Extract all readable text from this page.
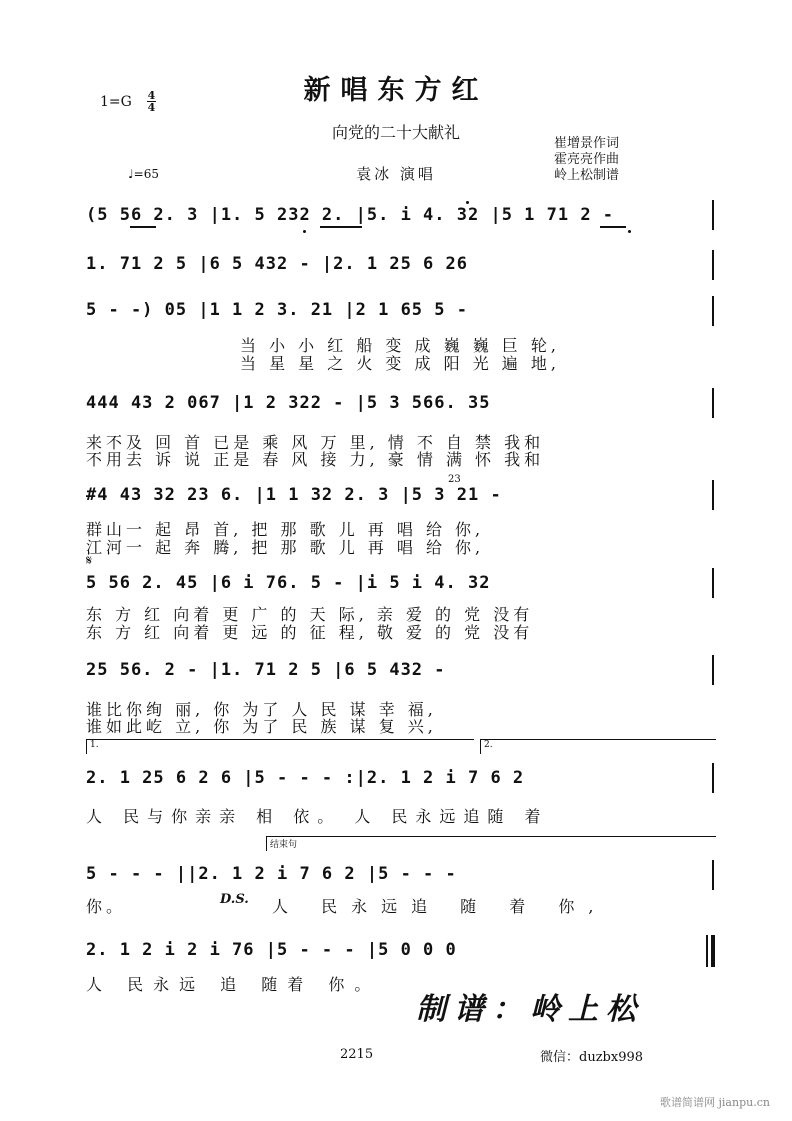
新唱东方红
向党的二十大献礼
袁冰 演唱
1=G 4
4
♩=65
崔增景作词
霍亮亮作曲
岭上松制谱
(5 56 2. 3 |1. 5 232 2. |5. i 4. 32 |5 1 71 2 -
1. 71 2 5 |6 5 432 - |2. 1 25 6 26
5 - -) 05 |1 1 2 3. 21 |2 1 65 5 -
当 小 小 红 船 变 成 巍 巍 巨 轮,
当 星 星 之 火 变 成 阳 光 遍 地,
444 43 2 067 |1 2 322 - |5 3 566. 35
来不及 回 首 已是 乘 风 万 里, 情 不 自 禁 我和
不用去 诉 说 正是 春 风 接 力, 豪 情 满 怀 我和
23
#4 43 32 23 6. |1 1 32 2. 3 |5 3 21 -
群山一 起 昂 首, 把 那 歌 儿 再 唱 给 你,
江河一 起 奔 腾, 把 那 歌 儿 再 唱 给 你,
𝄋
5 56 2. 45 |6 i 76. 5 - |i 5 i 4. 32
东 方 红 向着 更 广 的 天 际, 亲 爱 的 党 没有
东 方 红 向着 更 远 的 征 程, 敬 爱 的 党 没有
25 56. 2 - |1. 71 2 5 |6 5 432 -
谁比你绚 丽, 你 为了 人 民 谋 幸 福,
谁如此屹 立, 你 为了 民 族 谋 复 兴,
1.	2.
2. 1 25 6 2 6 |5 - - - :|2. 1 2 i 7 6 2
人 民与你亲亲 相 依。 人 民永远追随 着
结束句
5 - - - ||2. 1 2 i 7 6 2 |5 - - -
你。	D.S. 人 民永远追 随 着 你,
2. 1 2 i 2 i 76 |5 - - - |5 0 0 0
人 民永远 追 随着 你。
制谱：岭上松
2215	微信：duzbx998
歌谱简谱网 jianpu.cn
